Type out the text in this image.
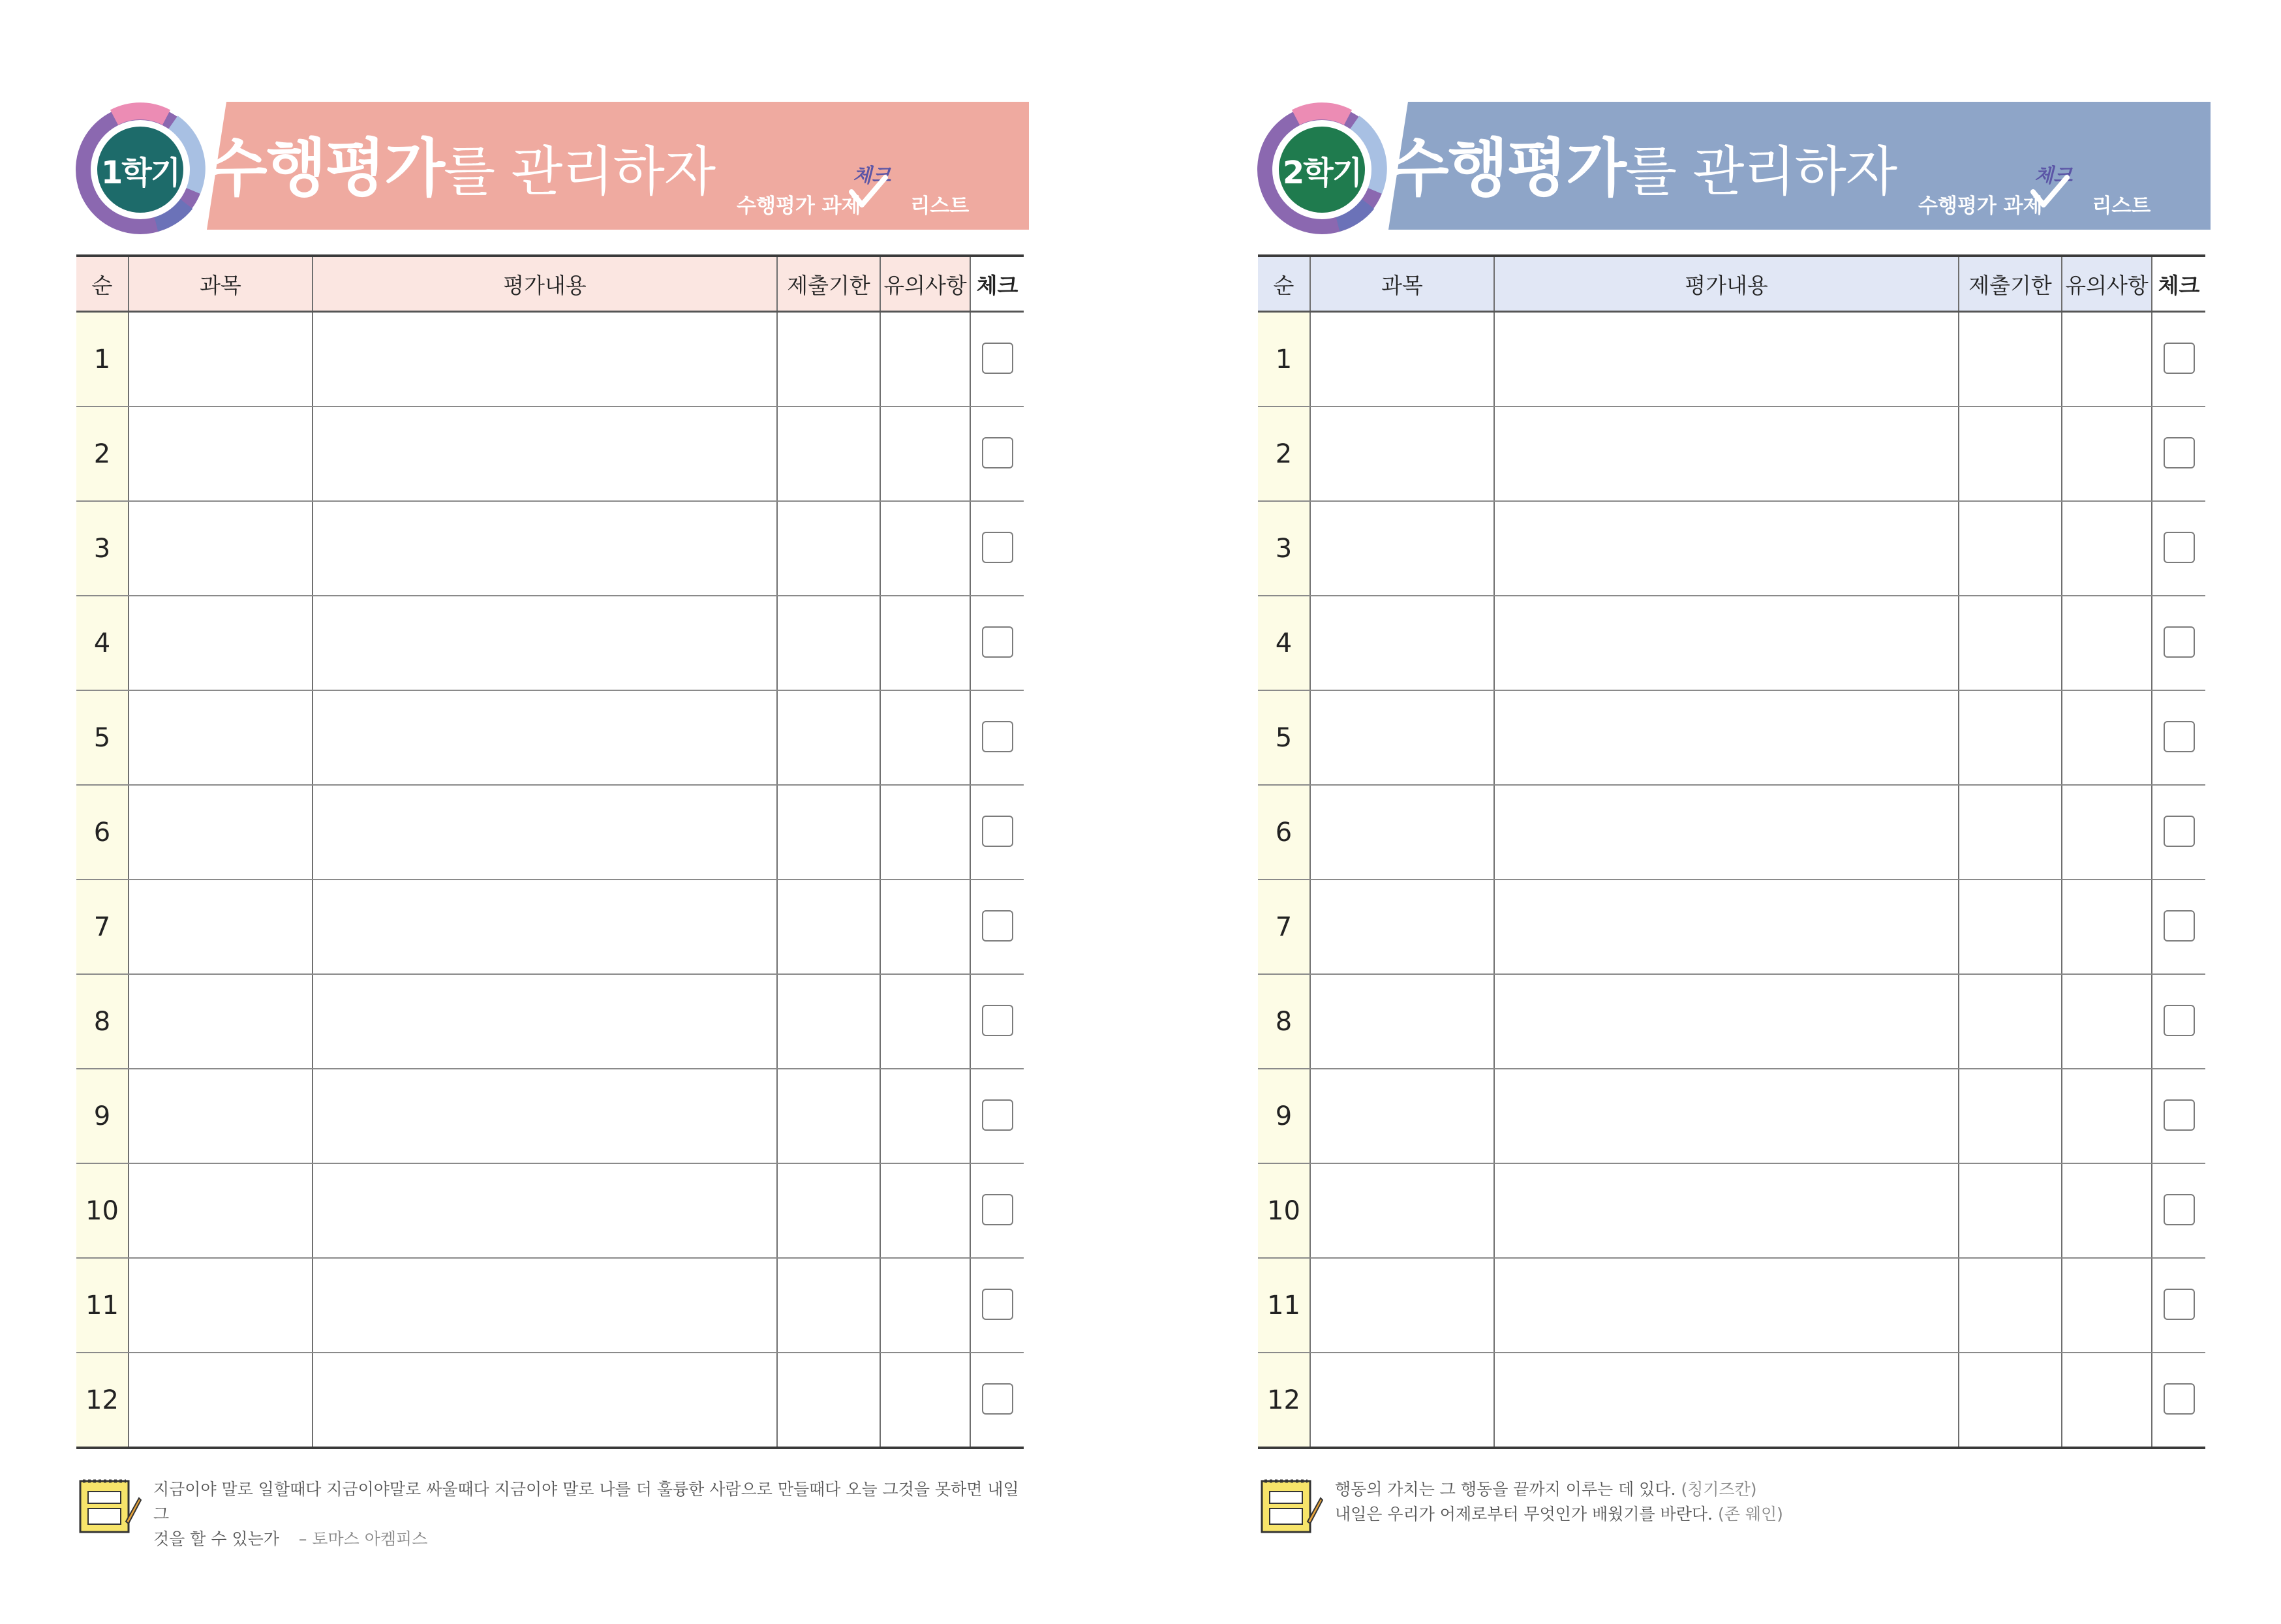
수행평가를 관리하자
수행평가 과제
체크
리스트
1학기
순	과목	평가내용	제출기한	유의사항	체크
1					
2					
3					
4					
5					
6					
7					
8					
9					
10					
11					
12					
지금이야 말로 일할때다 지금이야말로 싸울때다 지금이야 말로 나를 더 훌륭한 사람으로 만들때다 오늘 그것을 못하면 내일 그
것을 할 수 있는가 – 토마스 아켐피스
수행평가를 관리하자
수행평가 과제
체크
리스트
2학기
순	과목	평가내용	제출기한	유의사항	체크
1					
2					
3					
4					
5					
6					
7					
8					
9					
10					
11					
12					
행동의 가치는 그 행동을 끝까지 이루는 데 있다. (칭기즈칸)
내일은 우리가 어제로부터 무엇인가 배웠기를 바란다. (존 웨인)
